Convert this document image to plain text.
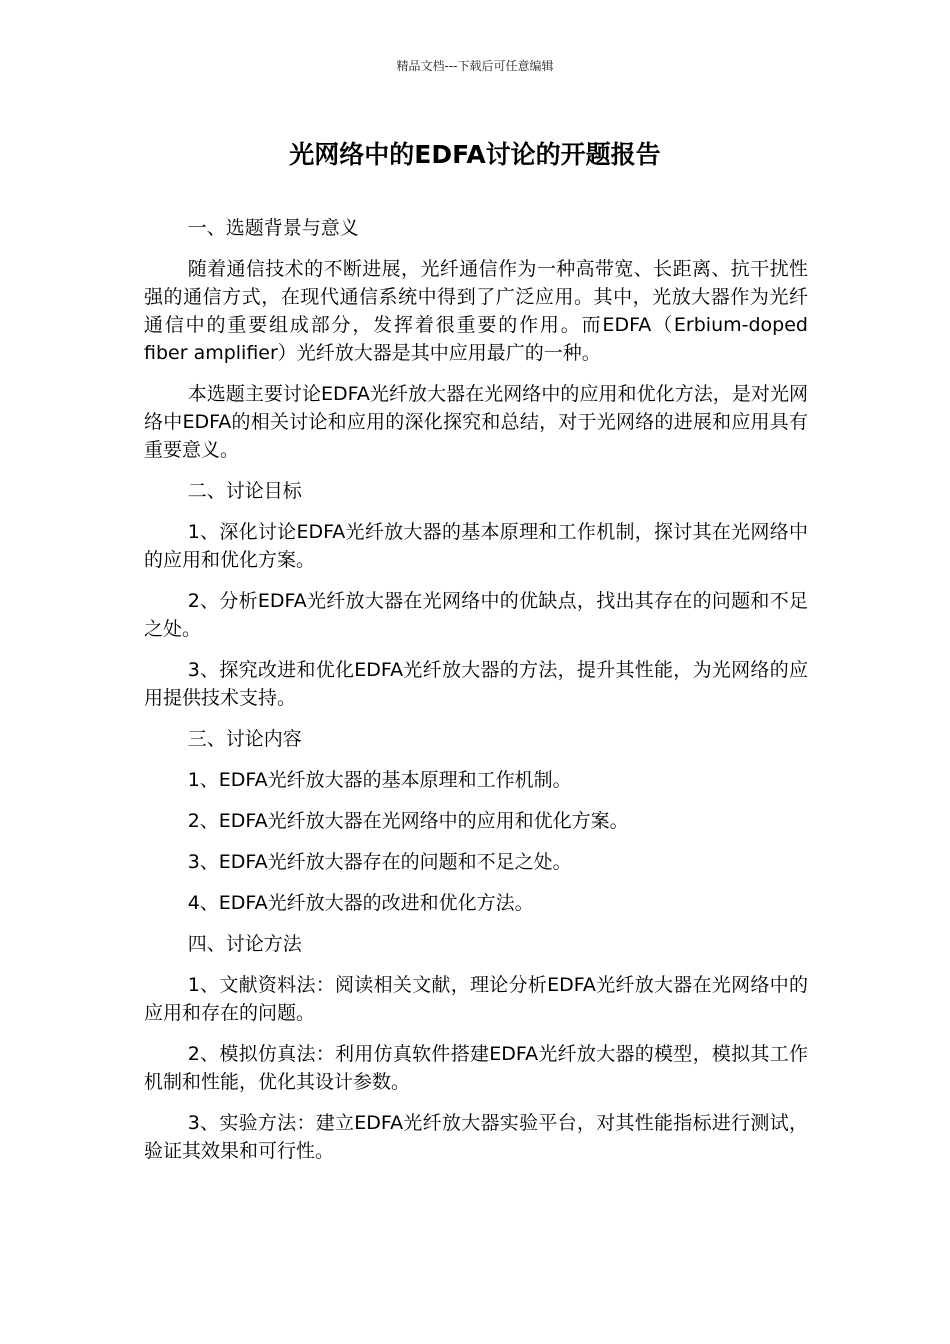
精品文档---下载后可任意编辑
光网络中的EDFA讨论的开题报告

一、选题背景与意义

随着通信技术的不断进展，光纤通信作为一种高带宽、长距离、抗干扰性强的通信方式，在现代通信系统中得到了广泛应用。其中，光放大器作为光纤通信中的重要组成部分，发挥着很重要的作用。而EDFA（Erbium-doped fiber amplifier）光纤放大器是其中应用最广的一种。

本选题主要讨论EDFA光纤放大器在光网络中的应用和优化方法，是对光网络中EDFA的相关讨论和应用的深化探究和总结，对于光网络的进展和应用具有重要意义。

二、讨论目标

1、深化讨论EDFA光纤放大器的基本原理和工作机制，探讨其在光网络中的应用和优化方案。

2、分析EDFA光纤放大器在光网络中的优缺点，找出其存在的问题和不足之处。

3、探究改进和优化EDFA光纤放大器的方法，提升其性能，为光网络的应用提供技术支持。

三、讨论内容

1、EDFA光纤放大器的基本原理和工作机制。

2、EDFA光纤放大器在光网络中的应用和优化方案。

3、EDFA光纤放大器存在的问题和不足之处。

4、EDFA光纤放大器的改进和优化方法。

四、讨论方法

1、文献资料法：阅读相关文献，理论分析EDFA光纤放大器在光网络中的应用和存在的问题。

2、模拟仿真法：利用仿真软件搭建EDFA光纤放大器的模型，模拟其工作机制和性能，优化其设计参数。

3、实验方法：建立EDFA光纤放大器实验平台，对其性能指标进行测试，验证其效果和可行性。
